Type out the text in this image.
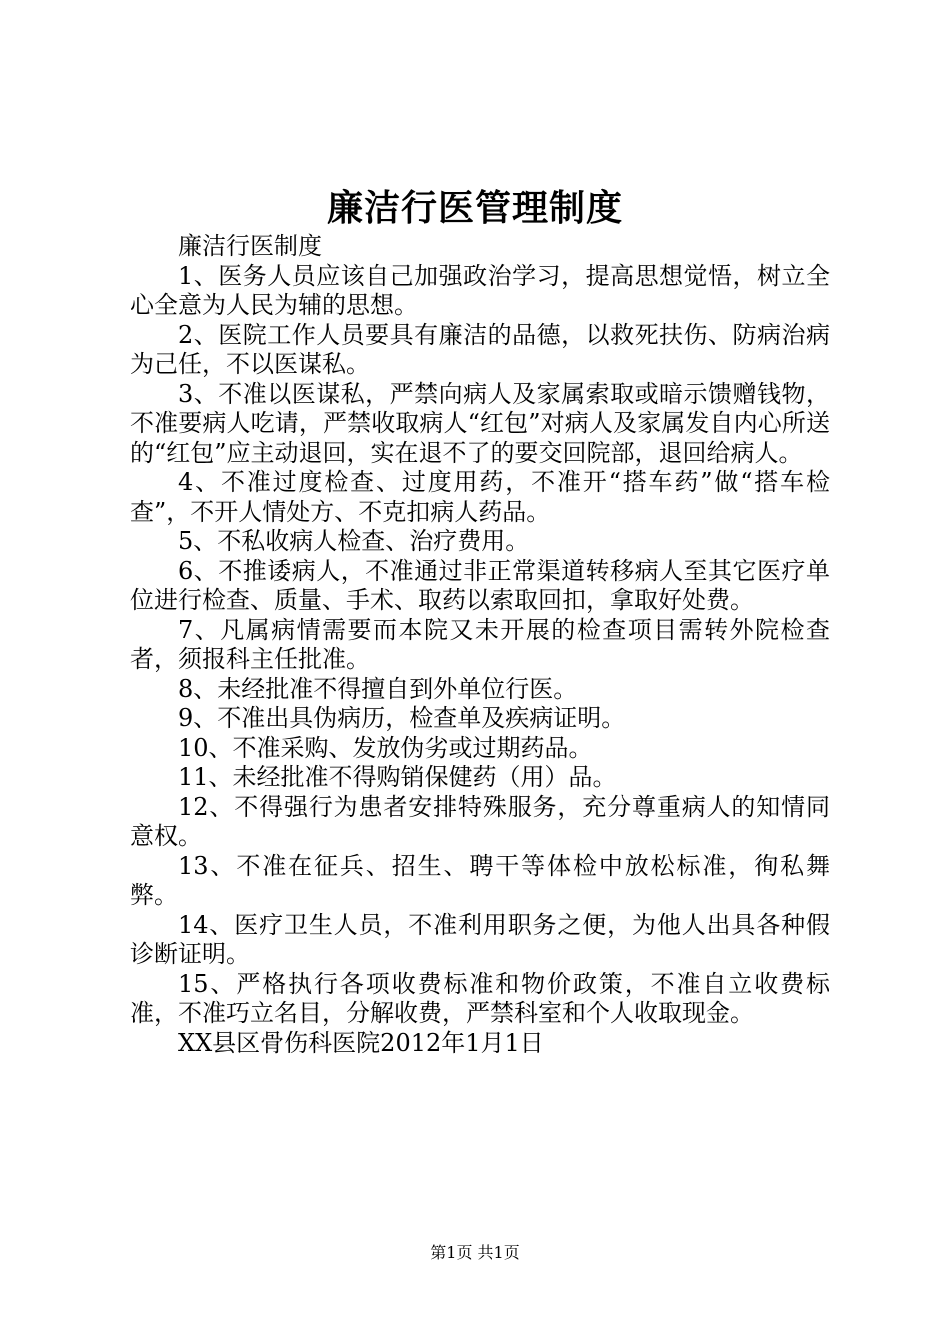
廉洁行医管理制度

廉洁行医制度

1、医务人员应该自己加强政治学习，提高思想觉悟，树立全心全意为人民为辅的思想。

2、医院工作人员要具有廉洁的品德，以救死扶伤、防病治病为己任，不以医谋私。

3、不准以医谋私，严禁向病人及家属索取或暗示馈赠钱物，不准要病人吃请，严禁收取病人“红包”对病人及家属发自内心所送的“红包”应主动退回，实在退不了的要交回院部，退回给病人。

4、不准过度检查、过度用药，不准开“搭车药”做“搭车检查”，不开人情处方、不克扣病人药品。

5、不私收病人检查、治疗费用。

6、不推诿病人，不准通过非正常渠道转移病人至其它医疗单位进行检查、质量、手术、取药以索取回扣，拿取好处费。

7、凡属病情需要而本院又未开展的检查项目需转外院检查者，须报科主任批准。

8、未经批准不得擅自到外单位行医。

9、不准出具伪病历，检查单及疾病证明。

10、不准采购、发放伪劣或过期药品。

11、未经批准不得购销保健药（用）品。

12、不得强行为患者安排特殊服务，充分尊重病人的知情同意权。

13、不准在征兵、招生、聘干等体检中放松标准，徇私舞弊。

14、医疗卫生人员，不准利用职务之便，为他人出具各种假诊断证明。

15、严格执行各项收费标准和物价政策，不准自立收费标准，不准巧立名目，分解收费，严禁科室和个人收取现金。

XX县区骨伤科医院2012年1月1日

第1页 共1页
